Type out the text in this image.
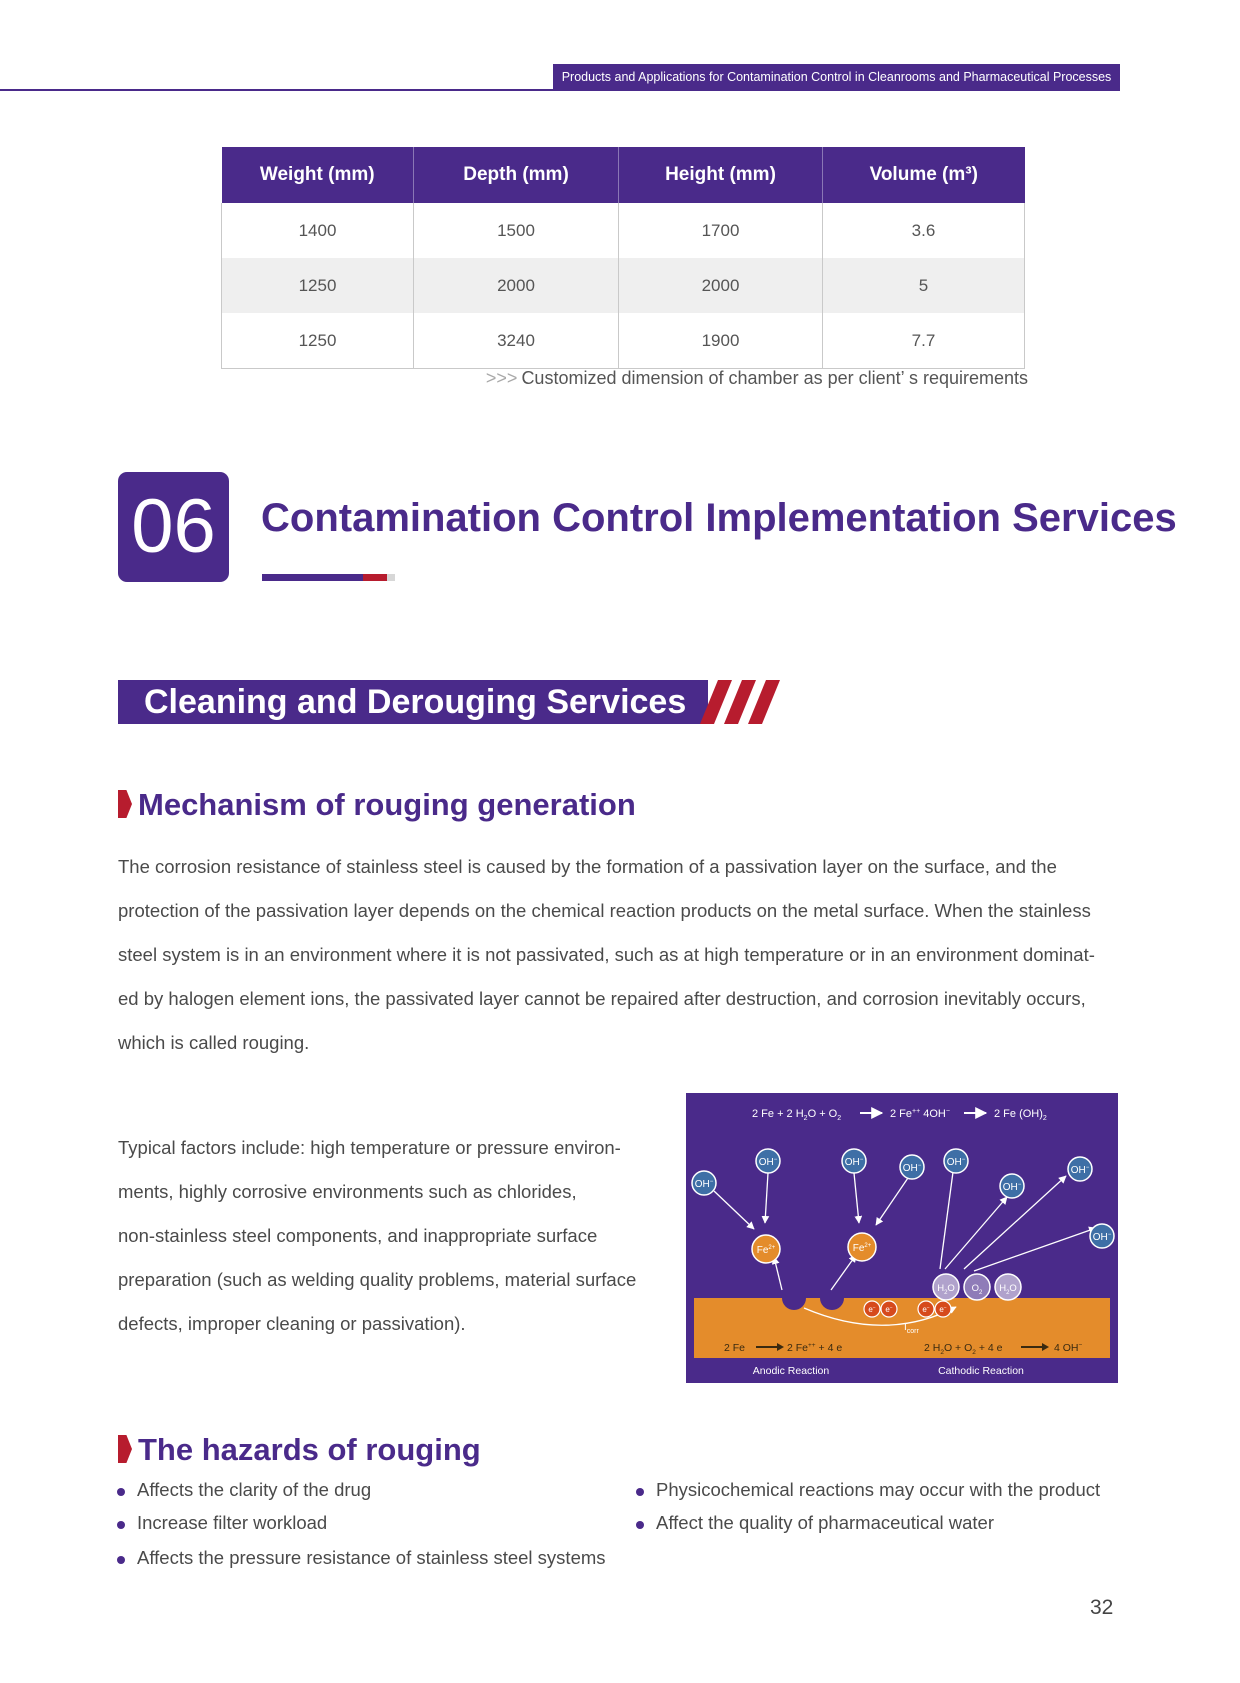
Products and Applications for Contamination Control in Cleanrooms and Pharmaceutical Processes
Weight (mm)	Depth (mm)	Height (mm)	Volume (m³)
1400	1500	1700	3.6
1250	2000	2000	5
1250	3240	1900	7.7
>>> Customized dimension of chamber as per client’ s requirements
06	Contamination Control Implementation Services
Cleaning and Derouging Services
Mechanism of rouging generation
The corrosion resistance of stainless steel is caused by the formation of a passivation layer on the surface, and the
protection of the passivation layer depends on the chemical reaction products on the metal surface. When the stainless
steel system is in an environment where it is not passivated, such as at high temperature or in an environment dominat-
ed by halogen element ions, the passivated layer cannot be repaired after destruction, and corrosion inevitably occurs,
which is called rouging.
Typical factors include: high temperature or pressure environ-
ments, highly corrosive environments such as chlorides,
non-stainless steel components, and inappropriate surface
preparation (such as welding quality problems, material surface
defects, improper cleaning or passivation).
2 Fe + 2 $H_2O + O_2$	2 Fe++ 4OH−	2 Fe $(OH)_2$
OH−
OH−	OH−
OH−	OH−
OH−
OH−
OH−
$Fe^{2+}$	$Fe^{2+}$
$H_2O$ $O_2$ $H_2O$
e− e−	e− e−
$I_{corr}$
2 Fe	2 Fe++ + 4 e	2 $H_2O + O_2 + 4$ e	4 OH−
Anodic Reaction	Cathodic Reaction
The hazards of rouging
Affects the clarity of the drug
Increase filter workload
Affects the pressure resistance of stainless steel systems
Physicochemical reactions may occur with the product
Affect the quality of pharmaceutical water
32
